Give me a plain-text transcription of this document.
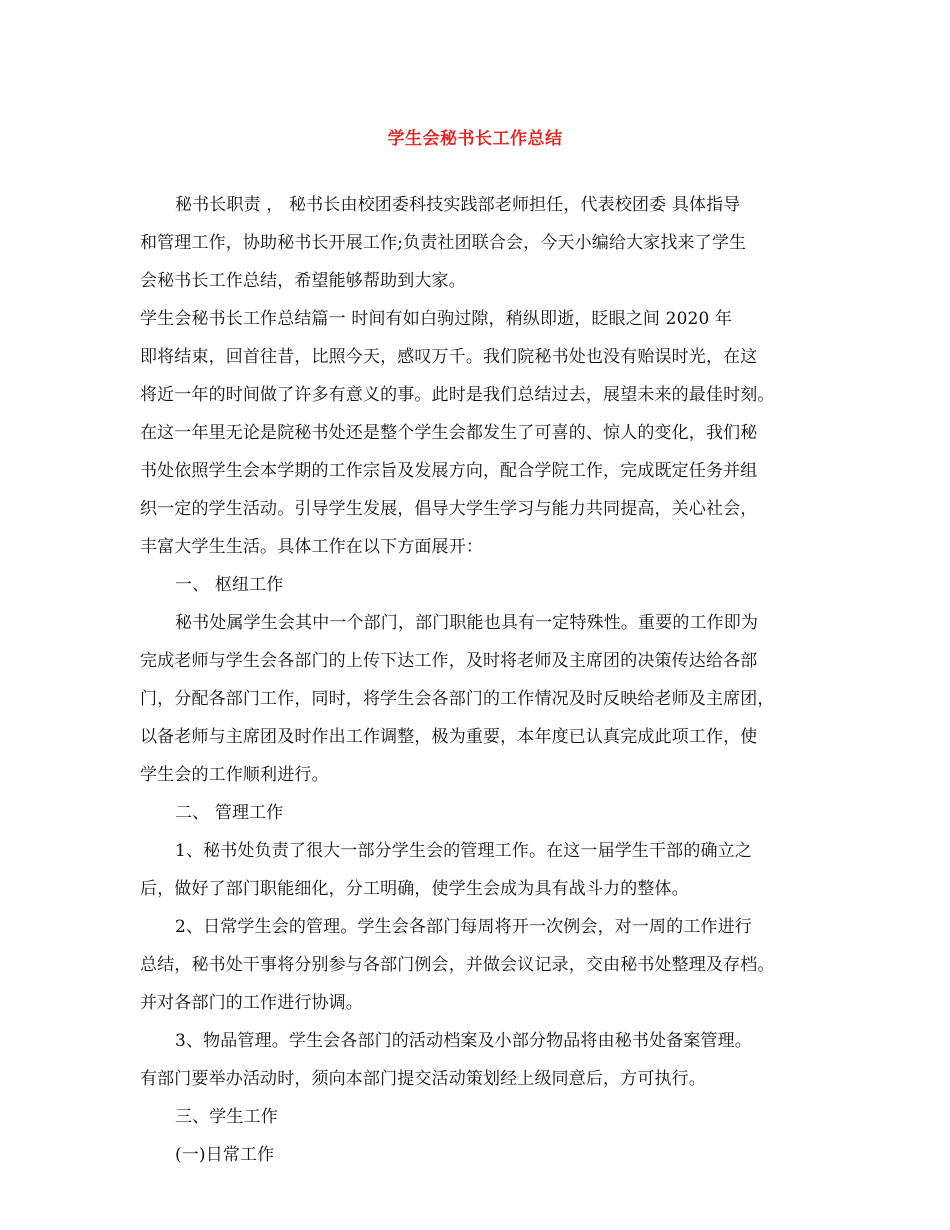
学生会秘书长工作总结
秘书长职责 ， 秘书长由校团委科技实践部老师担任，代表校团委 具体指导
和管理工作，协助秘书长开展工作;负责社团联合会，今天小编给大家找来了学生
会秘书长工作总结，希望能够帮助到大家。
学生会秘书长工作总结篇一 时间有如白驹过隙，稍纵即逝，眨眼之间 2020 年
即将结束，回首往昔，比照今天，感叹万千。我们院秘书处也没有贻误时光，在这
将近一年的时间做了许多有意义的事。此时是我们总结过去，展望未来的最佳时刻。
在这一年里无论是院秘书处还是整个学生会都发生了可喜的、惊人的变化，我们秘
书处依照学生会本学期的工作宗旨及发展方向，配合学院工作，完成既定任务并组
织一定的学生活动。引导学生发展，倡导大学生学习与能力共同提高，关心社会，
丰富大学生生活。具体工作在以下方面展开：
一、 枢纽工作
秘书处属学生会其中一个部门，部门职能也具有一定特殊性。重要的工作即为
完成老师与学生会各部门的上传下达工作，及时将老师及主席团的决策传达给各部
门，分配各部门工作，同时，将学生会各部门的工作情况及时反映给老师及主席团，
以备老师与主席团及时作出工作调整，极为重要，本年度已认真完成此项工作，使
学生会的工作顺利进行。
二、 管理工作
1、秘书处负责了很大一部分学生会的管理工作。在这一届学生干部的确立之
后，做好了部门职能细化，分工明确，使学生会成为具有战斗力的整体。
2、日常学生会的管理。学生会各部门每周将开一次例会，对一周的工作进行
总结，秘书处干事将分别参与各部门例会，并做会议记录，交由秘书处整理及存档。
并对各部门的工作进行协调。
3、物品管理。学生会各部门的活动档案及小部分物品将由秘书处备案管理。
有部门要举办活动时，须向本部门提交活动策划经上级同意后，方可执行。
三、学生工作
(一)日常工作
